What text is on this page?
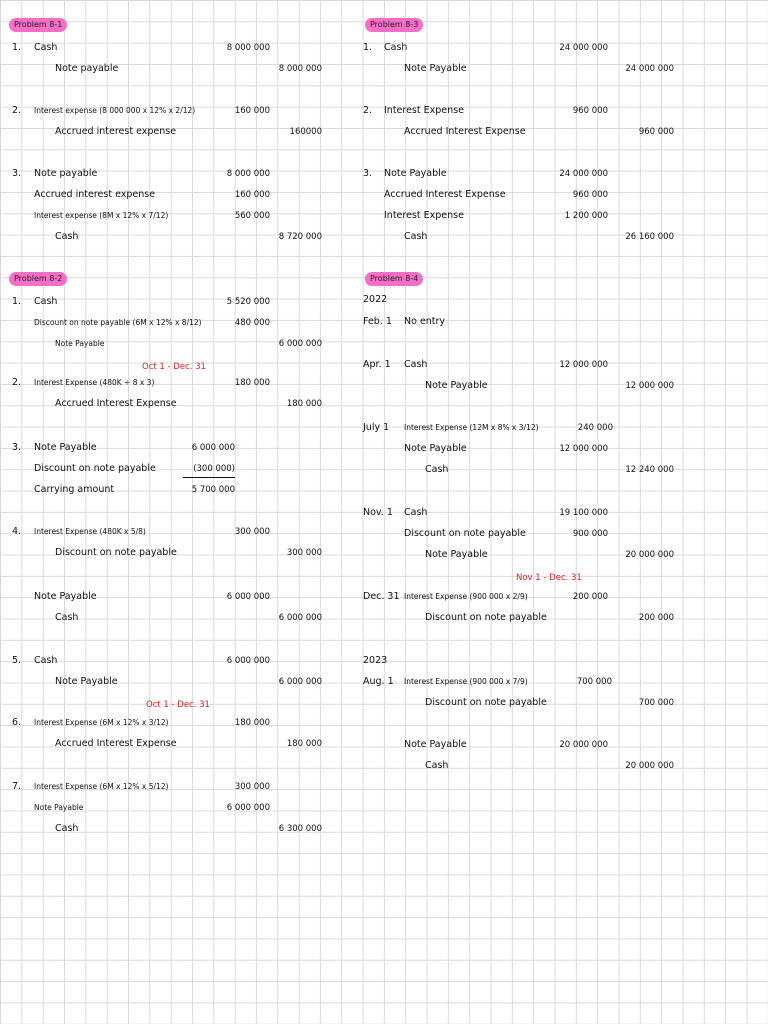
Problem 8-1
1. Cash	8 000 000
Note payable	8 000 000
2. Interest expense (8 000 000 x 12% x 2/12)	160 000
Accrued interest expense	160000
3. Note payable	8 000 000
Accrued interest expense	160 000
Interest expense (8M x 12% x 7/12)	560 000
Cash	8 720 000
Problem 8-2
1. Cash	5 520 000
Discount on note payable (6M x 12% x 8/12)	480 000
Note Payable	6 000 000
Oct 1 - Dec. 31
2. Interest Expense (480K ÷ 8 x 3)	180 000
Accrued Interest Expense	180 000
3. Note Payable	6 000 000
Discount on note payable	(300 000)
Carrying amount	5 700 000
4. Interest Expense (480K x 5/8)	300 000
Discount on note payable	300 000
Note Payable	6 000 000
Cash	6 000 000
5. Cash	6 000 000
Note Payable	6 000 000
Oct 1 - Dec. 31
6. Interest Expense (6M x 12% x 3/12)	180 000
Accrued Interest Expense	180 000
7. Interest Expense (6M x 12% x 5/12)	300 000
Note Payable	6 000 000
Cash	6 300 000
Problem 8-3
1. Cash	24 000 000
Note Payable	24 000 000
2. Interest Expense	960 000
Accrued Interest Expense	960 000
3. Note Payable	24 000 000
Accrued Interest Expense	960 000
Interest Expense	1 200 000
Cash	26 160 000
Problem 8-4
2022
Feb. 1 No entry
Apr. 1 Cash	12 000 000
Note Payable	12 000 000
July 1 Interest Expense (12M x 8% x 3/12)	240 000
Note Payable	12 000 000
Cash	12 240 000
Nov. 1 Cash	19 100 000
Discount on note payable	900 000
Note Payable	20 000 000
Nov 1 - Dec. 31
Dec. 31 Interest Expense (900 000 x 2/9)	200 000
Discount on note payable	200 000
2023
Aug. 1 Interest Expense (900 000 x 7/9)	700 000
Discount on note payable	700 000
Note Payable	20 000 000
Cash	20 000 000
